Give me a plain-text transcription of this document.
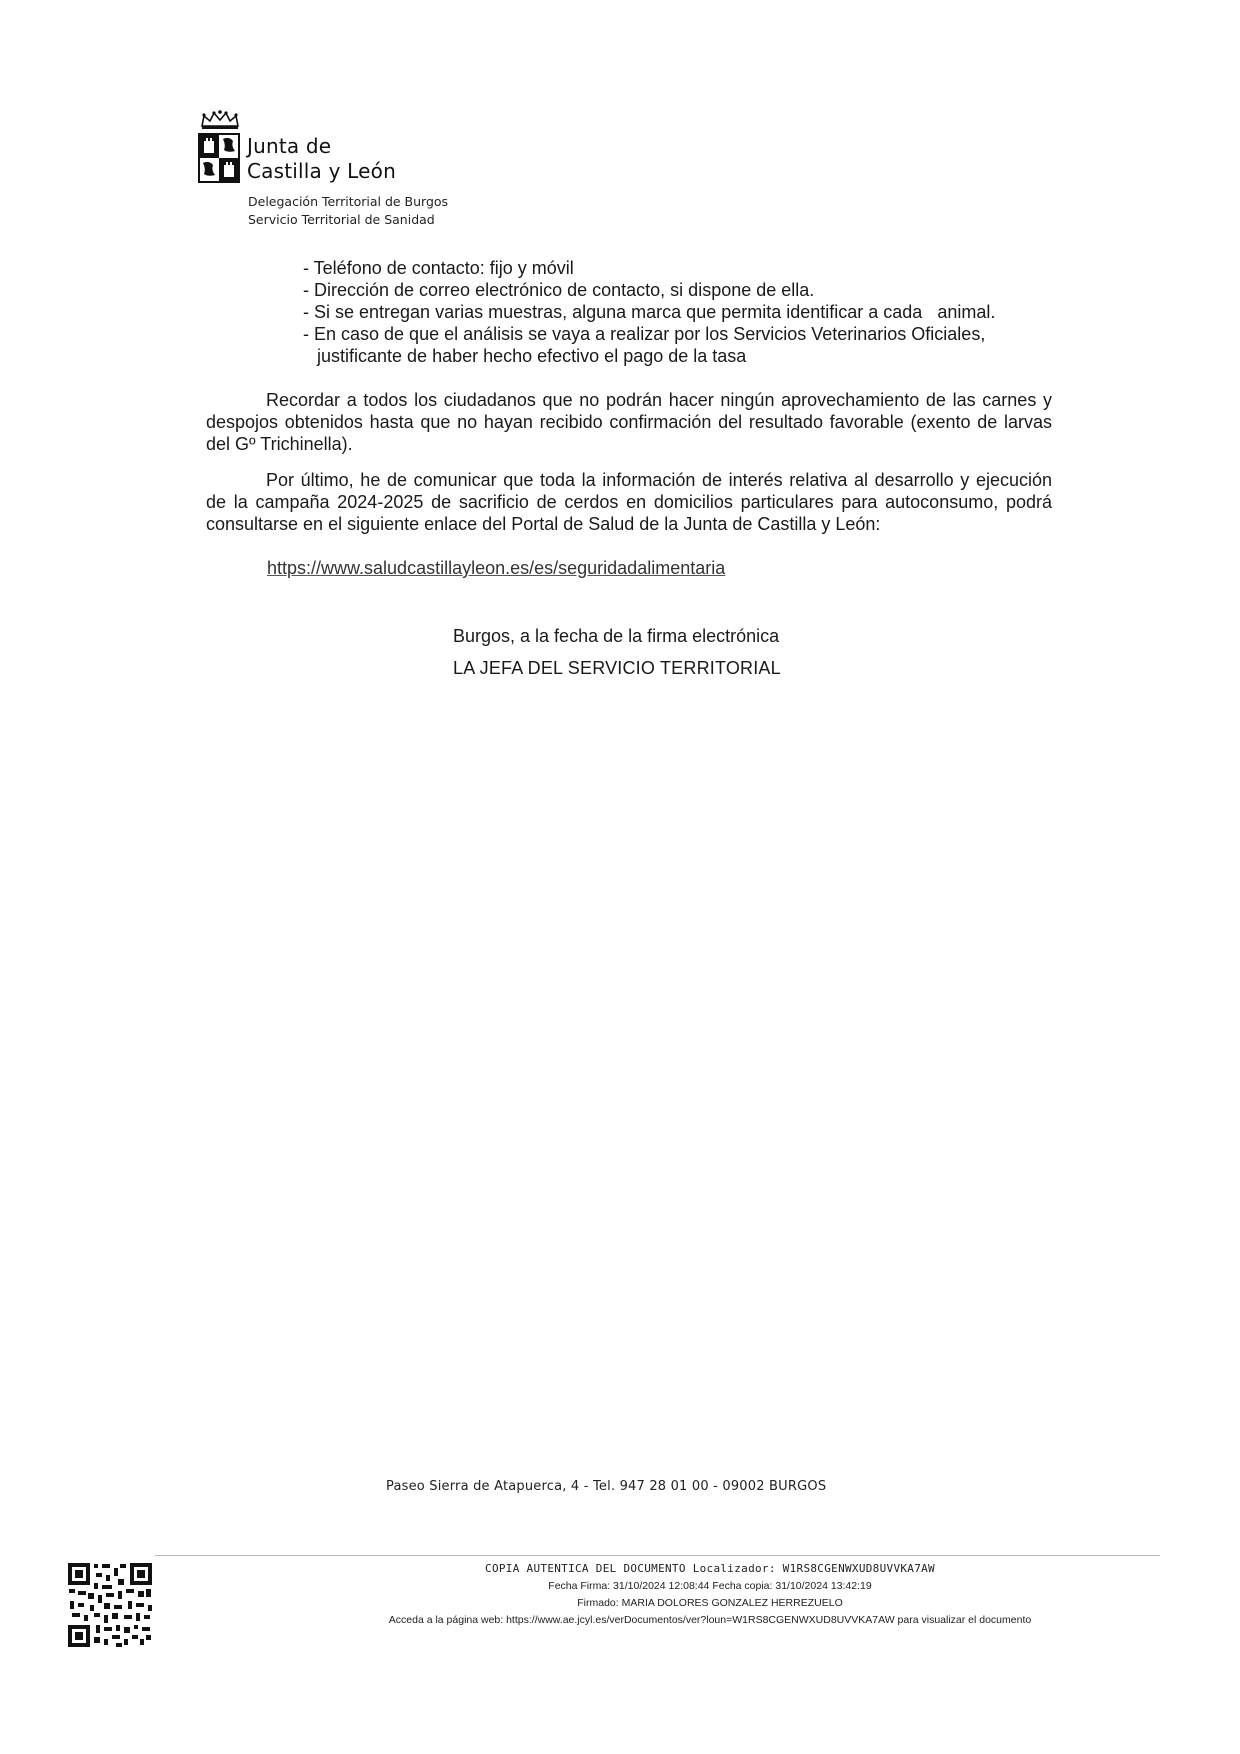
Junta de
Castilla y León
Delegación Territorial de Burgos
Servicio Territorial de Sanidad
- Teléfono de contacto: fijo y móvil
- Dirección de correo electrónico de contacto, si dispone de ella.
- Si se entregan varias muestras, alguna marca que permita identificar a cada   animal.
- En caso de que el análisis se vaya a realizar por los Servicios Veterinarios Oficiales,
justificante de haber hecho efectivo el pago de la tasa
Recordar a todos los ciudadanos que no podrán hacer ningún aprovechamiento de las carnes y despojos obtenidos hasta que no hayan recibido confirmación del resultado favorable (exento de larvas del Gº Trichinella).
Por último, he de comunicar que toda la información de interés relativa al desarrollo y ejecución de la campaña 2024-2025 de sacrificio de cerdos en domicilios particulares para autoconsumo, podrá consultarse en el siguiente enlace del Portal de Salud de la Junta de Castilla y León:
https://www.saludcastillayleon.es/es/seguridadalimentaria
Burgos, a la fecha de la firma electrónica
LA JEFA DEL SERVICIO TERRITORIAL
Paseo Sierra de Atapuerca, 4 - Tel. 947 28 01 00 - 09002 BURGOS
COPIA AUTENTICA DEL DOCUMENTO Localizador: W1RS8CGENWXUD8UVVKA7AW
Fecha Firma: 31/10/2024 12:08:44 Fecha copia: 31/10/2024 13:42:19
Firmado: MARIA DOLORES GONZALEZ HERREZUELO
Acceda a la página web: https://www.ae.jcyl.es/verDocumentos/ver?loun=W1RS8CGENWXUD8UVVKA7AW para visualizar el documento
